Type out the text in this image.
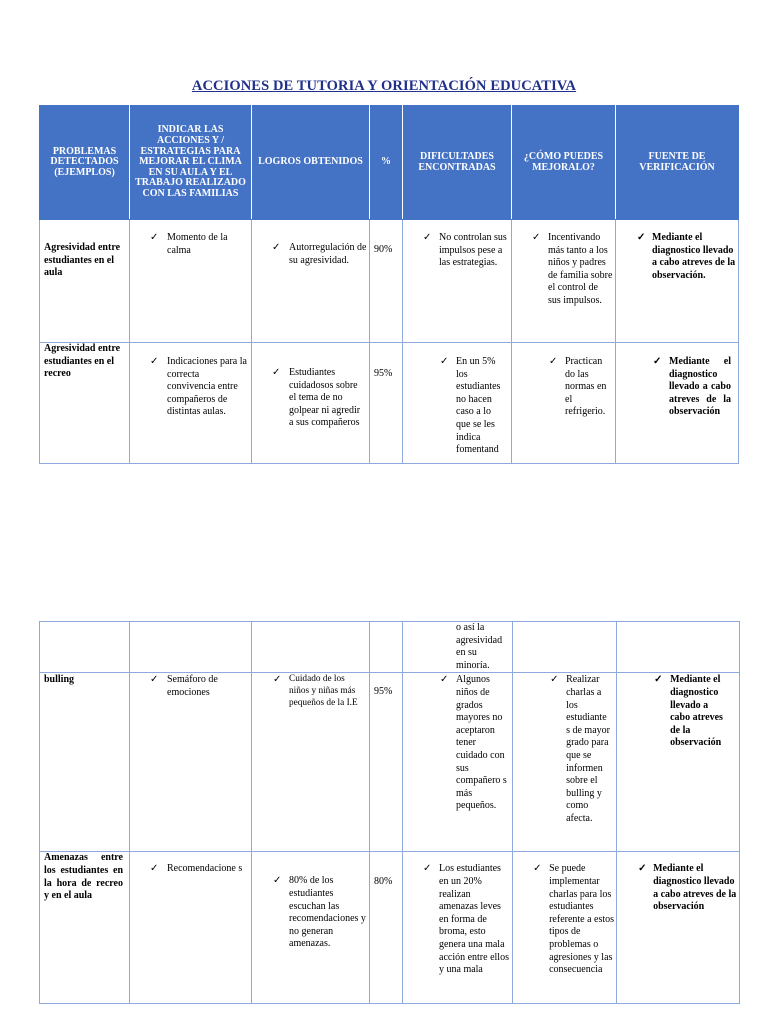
ACCIONES DE TUTORIA Y ORIENTACIÓN EDUCATIVA
PROBLEMAS DETECTADOS (EJEMPLOS)	INDICAR LAS ACCIONES Y / ESTRATEGIAS PARA MEJORAR EL CLIMA EN SU AULA Y EL TRABAJO REALIZADO CON LAS FAMILIAS	LOGROS OBTENIDOS	%	DIFICULTADES ENCONTRADAS	¿CÓMO PUEDES MEJORALO?	FUENTE DE VERIFICACIÓN

Agresividad entre estudiantes en el aula	✓ Momento de la calma	✓ Autorregulación de su agresividad.	90%	✓ No controlan sus impulsos pese a las estrategias.	✓ Incentivando más tanto a los niños y padres de familia sobre el control de sus impulsos.	✓ Mediante el diagnostico llevado a cabo atreves de la observación.

Agresividad entre estudiantes en el recreo	✓ Indicaciones para la correcta convivencia entre compañeros de distintas aulas.	✓ Estudiantes cuidadosos sobre el tema de no golpear ni agredir a sus compañeros	95%	✓ En un 5% los estudiantes no hacen caso a lo que se les indica fomentand	✓ Practican do las normas en el refrigerio.	✓ Mediante el diagnostico llevado a cabo atreves de la observación

				o así la agresividad en su minoría.		

bulling	✓ Semáforo de emociones	✓ Cuidado de los niños y niñas más pequeños de la I.E	95%	✓ Algunos niños de grados mayores no aceptaron tener cuidado con sus compañero s más pequeños.	✓ Realizar charlas a los estudiante s de mayor grado para que se informen sobre el bulling y como afecta.	✓ Mediante el diagnostico llevado a cabo atreves de la observación

Amenazas entre los estudiantes en la hora de recreo y en el aula	✓ Recomendacione s	✓ 80% de los estudiantes escuchan las recomendaciones y no generan amenazas.	80%	✓ Los estudiantes en un 20% realizan amenazas leves en forma de broma, esto genera una mala acción entre ellos y una mala	✓ Se puede implementar charlas para los estudiantes referente a estos tipos de problemas o agresiones y las consecuencia	✓ Mediante el diagnostico llevado a cabo atreves de la observación
